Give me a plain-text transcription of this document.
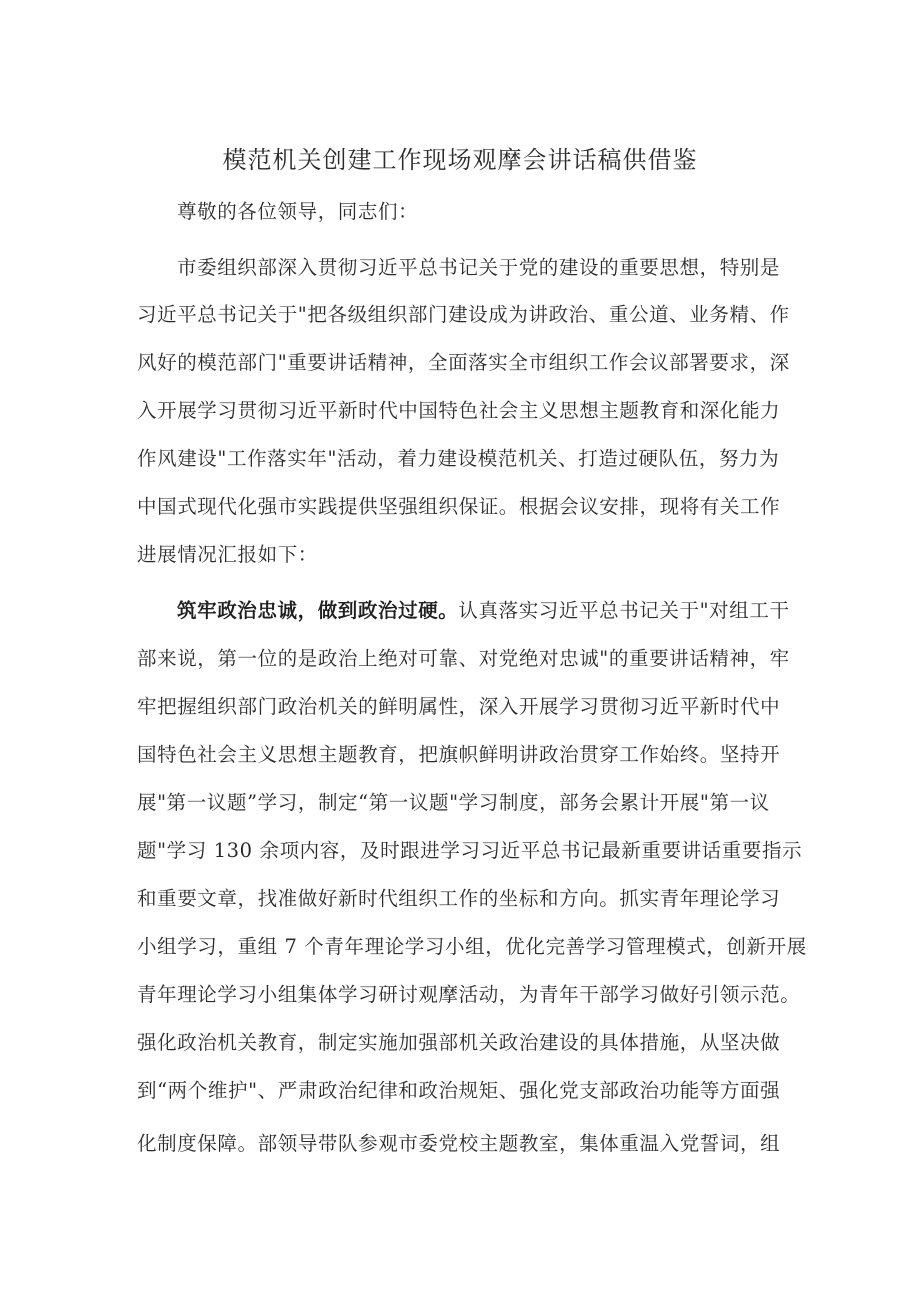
模范机关创建工作现场观摩会讲话稿供借鉴
尊敬的各位领导，同志们：
市委组织部深入贯彻习近平总书记关于党的建设的重要思想，特别是
习近平总书记关于"把各级组织部门建设成为讲政治、重公道、业务精、作
风好的模范部门"重要讲话精神，全面落实全市组织工作会议部署要求，深
入开展学习贯彻习近平新时代中国特色社会主义思想主题教育和深化能力
作风建设"工作落实年"活动，着力建设模范机关、打造过硬队伍，努力为
中国式现代化强市实践提供坚强组织保证。根据会议安排，现将有关工作
进展情况汇报如下：
筑牢政治忠诚，做到政治过硬。认真落实习近平总书记关于"对组工干
部来说，第一位的是政治上绝对可靠、对党绝对忠诚"的重要讲话精神，牢
牢把握组织部门政治机关的鲜明属性，深入开展学习贯彻习近平新时代中
国特色社会主义思想主题教育，把旗帜鲜明讲政治贯穿工作始终。坚持开
展"第一议题”学习，制定“第一议题"学习制度，部务会累计开展"第一议
题"学习 130 余项内容，及时跟进学习习近平总书记最新重要讲话重要指示
和重要文章，找准做好新时代组织工作的坐标和方向。抓实青年理论学习
小组学习，重组 7 个青年理论学习小组，优化完善学习管理模式，创新开展
青年理论学习小组集体学习研讨观摩活动，为青年干部学习做好引领示范。
强化政治机关教育，制定实施加强部机关政治建设的具体措施，从坚决做
到“两个维护"、严肃政治纪律和政治规矩、强化党支部政治功能等方面强
化制度保障。部领导带队参观市委党校主题教室，集体重温入党誓词，组
